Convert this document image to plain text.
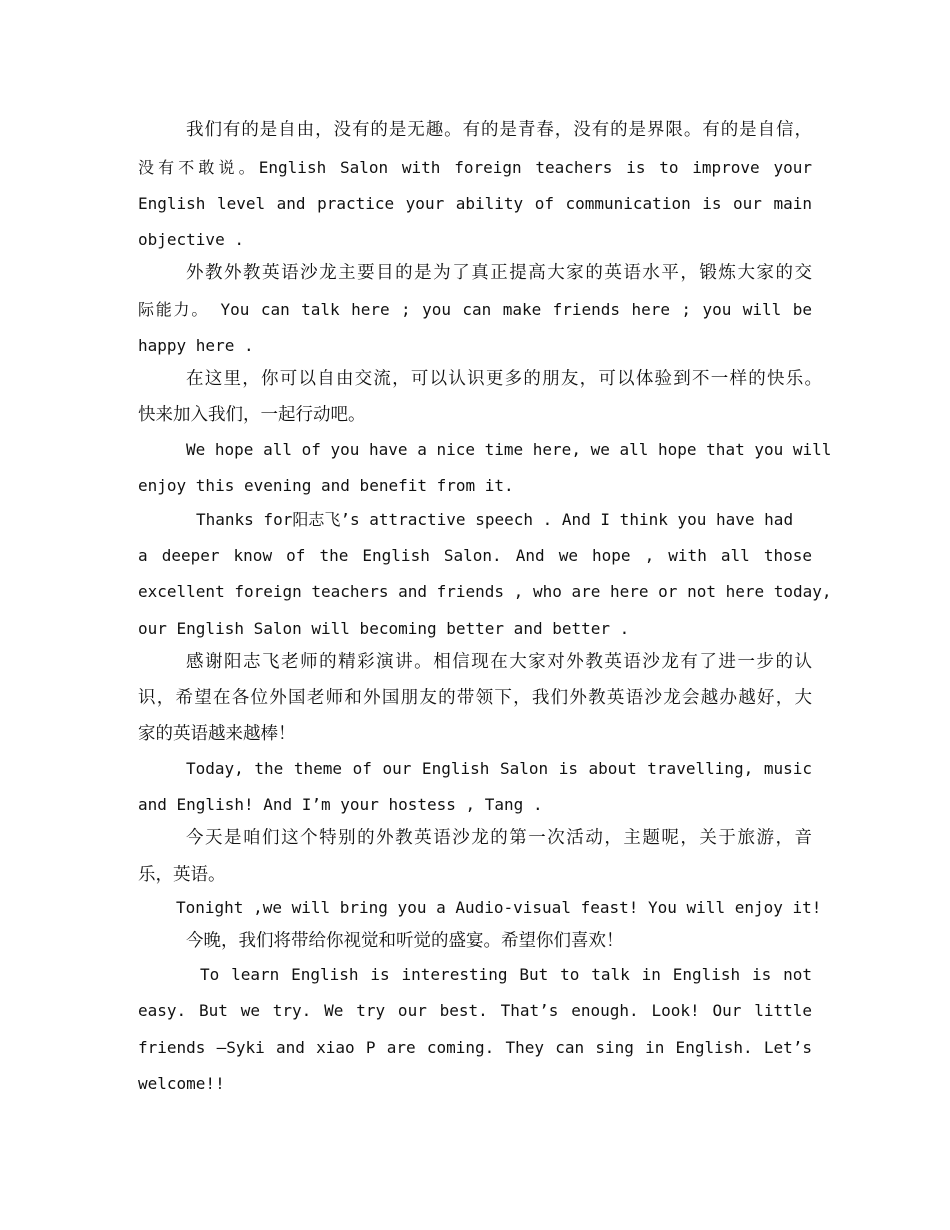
我们有的是自由，没有的是无趣。有的是青春，没有的是界限。有的是自信，
没有不敢说。English Salon with foreign teachers is to improve your
English level and practice your ability of communication is our main
objective .
外教外教英语沙龙主要目的是为了真正提高大家的英语水平，锻炼大家的交
际能力。 You can talk here ; you can make friends here ; you will be
happy here .
在这里，你可以自由交流，可以认识更多的朋友，可以体验到不一样的快乐。
快来加入我们，一起行动吧。
We hope all of you have a nice time here, we all hope that you will
enjoy this evening and benefit from it.
Thanks for阳志飞’s attractive speech . And I think you have had
a deeper know of the English Salon. And we hope , with all those
excellent foreign teachers and friends , who are here or not here today,
our English Salon will becoming better and better .
感谢阳志飞老师的精彩演讲。相信现在大家对外教英语沙龙有了进一步的认
识，希望在各位外国老师和外国朋友的带领下，我们外教英语沙龙会越办越好，大
家的英语越来越棒！
Today, the theme of our English Salon is about travelling, music
and English! And I’m your hostess , Tang .
今天是咱们这个特别的外教英语沙龙的第一次活动，主题呢，关于旅游，音
乐，英语。
Tonight ,we will bring you a Audio-visual feast! You will enjoy it!
今晚，我们将带给你视觉和听觉的盛宴。希望你们喜欢！
To learn English is interesting But to talk in English is not
easy. But we try. We try our best. That’s enough. Look! Our little
friends –Syki and xiao P are coming. They can sing in English. Let’s
welcome!!
